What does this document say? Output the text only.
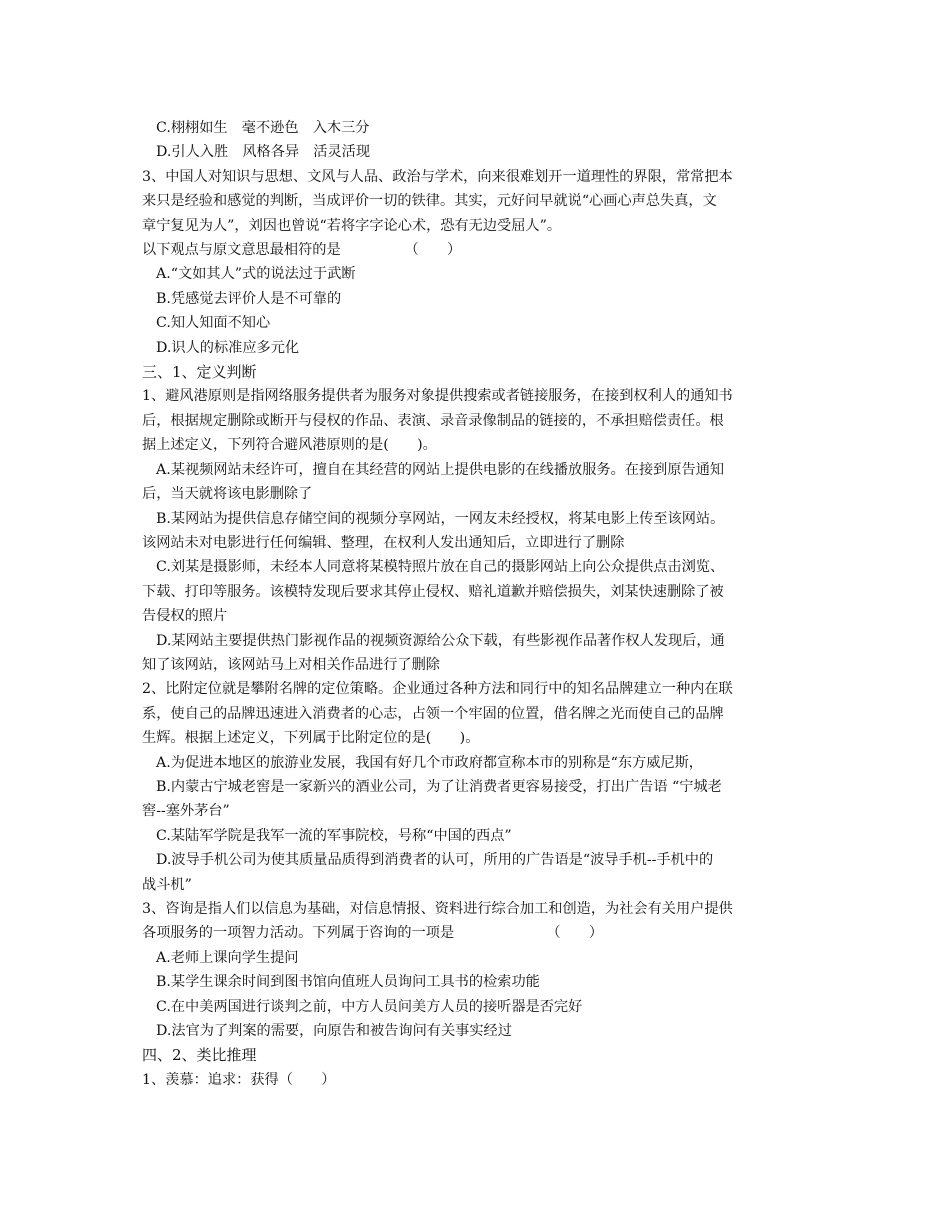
C.栩栩如生　毫不逊色　入木三分
D.引人入胜　风格各异　活灵活现
3、中国人对知识与思想、文风与人品、政治与学术，向来很难划开一道理性的界限，常常把本
来只是经验和感觉的判断，当成评价一切的铁律。其实，元好问早就说“心画心声总失真，文
章宁复见为人”，刘因也曾说“若将字字论心术，恐有无边受屈人”。
以下观点与原文意思最相符的是　　　　　（　　）
A.“文如其人”式的说法过于武断
B.凭感觉去评价人是不可靠的
C.知人知面不知心
D.识人的标准应多元化
三、1、定义判断
1、避风港原则是指网络服务提供者为服务对象提供搜索或者链接服务，在接到权利人的通知书
后，根据规定删除或断开与侵权的作品、表演、录音录像制品的链接的，不承担赔偿责任。根
据上述定义，下列符合避风港原则的是(　　)。
A.某视频网站未经许可，擅自在其经营的网站上提供电影的在线播放服务。在接到原告通知
后，当天就将该电影删除了
B.某网站为提供信息存储空间的视频分享网站，一网友未经授权，将某电影上传至该网站。
该网站未对电影进行任何编辑、整理，在权利人发出通知后，立即进行了删除
C.刘某是摄影师，未经本人同意将某模特照片放在自己的摄影网站上向公众提供点击浏览、
下载、打印等服务。该模特发现后要求其停止侵权、赔礼道歉并赔偿损失，刘某快速删除了被
告侵权的照片
D.某网站主要提供热门影视作品的视频资源给公众下载，有些影视作品著作权人发现后，通
知了该网站，该网站马上对相关作品进行了删除
2、比附定位就是攀附名牌的定位策略。企业通过各种方法和同行中的知名品牌建立一种内在联
系，使自己的品牌迅速进入消费者的心志，占领一个牢固的位置，借名牌之光而使自己的品牌
生辉。根据上述定义，下列属于比附定位的是(　　)。
A.为促进本地区的旅游业发展，我国有好几个市政府都宣称本市的别称是“东方威尼斯，
B.内蒙古宁城老窖是一家新兴的酒业公司，为了让消费者更容易接受，打出广告语 “宁城老
窖--塞外茅台”
C.某陆军学院是我军一流的军事院校，号称“中国的西点”
D.波导手机公司为使其质量品质得到消费者的认可，所用的广告语是“波导手机--手机中的
战斗机”
3、咨询是指人们以信息为基础，对信息情报、资料进行综合加工和创造，为社会有关用户提供
各项服务的一项智力活动。下列属于咨询的一项是　　　　　　　（　　）
A.老师上课向学生提问
B.某学生课余时间到图书馆向值班人员询问工具书的检索功能
C.在中美两国进行谈判之前，中方人员问美方人员的接听器是否完好
D.法官为了判案的需要，向原告和被告询问有关事实经过
四、2、类比推理
1、羡慕：追求：获得（　　）
